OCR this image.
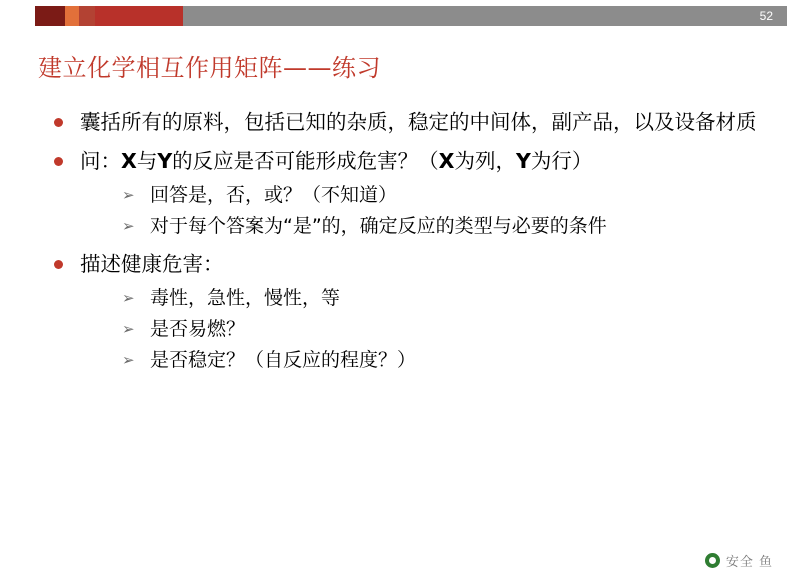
52
建立化学相互作用矩阵——练习
囊括所有的原料，包括已知的杂质，稳定的中间体，副产品，以及设备材质
问：X与Y的反应是否可能形成危害？（X为列，Y为行）
➢ 回答是，否，或？（不知道）
➢ 对于每个答案为“是”的，确定反应的类型与必要的条件
描述健康危害：
➢ 毒性，急性，慢性，等
➢ 是否易燃？
➢ 是否稳定？（自反应的程度？）
安全 鱼
